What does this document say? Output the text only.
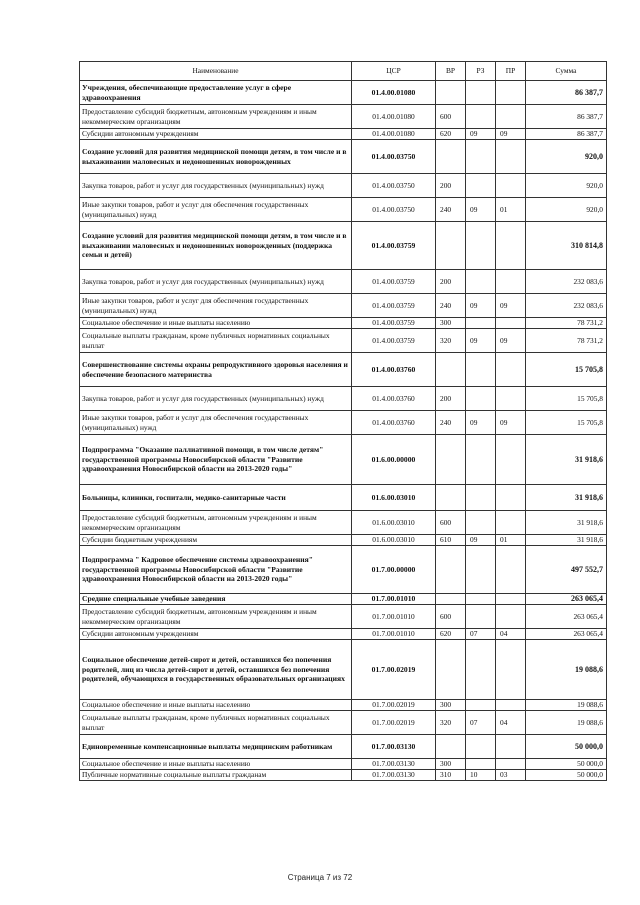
Наименование	ЦСР	ВР	РЗ	ПР	Сумма
Учреждения, обеспечивающие предоставление услуг в сфере здравоохранения	01.4.00.01080				86 387,7
Предоставление субсидий бюджетным, автономным учреждениям и иным некоммерческим организациям	01.4.00.01080	600			86 387,7
Субсидии автономным учреждениям	01.4.00.01080	620	09	09	86 387,7
Создание условий для развития медицинской помощи детям, в том числе и в выхаживании маловесных и недоношенных новорожденных	01.4.00.03750				920,0
Закупка товаров, работ и услуг для государственных (муниципальных) нужд	01.4.00.03750	200			920,0
Иные закупки товаров, работ и услуг для обеспечения государственных (муниципальных) нужд	01.4.00.03750	240	09	01	920,0
Создание условий для развития медицинской помощи детям, в том числе и в выхаживании маловесных и недоношенных новорожденных (поддержка семьи и детей)	01.4.00.03759				310 814,8
Закупка товаров, работ и услуг для государственных (муниципальных) нужд	01.4.00.03759	200			232 083,6
Иные закупки товаров, работ и услуг для обеспечения государственных (муниципальных) нужд	01.4.00.03759	240	09	09	232 083,6
Социальное обеспечение и иные выплаты населению	01.4.00.03759	300			78 731,2
Социальные выплаты гражданам, кроме публичных нормативных социальных выплат	01.4.00.03759	320	09	09	78 731,2
Совершенствование системы охраны репродуктивного здоровья населения и обеспечение безопасного материнства	01.4.00.03760				15 705,8
Закупка товаров, работ и услуг для государственных (муниципальных) нужд	01.4.00.03760	200			15 705,8
Иные закупки товаров, работ и услуг для обеспечения государственных (муниципальных) нужд	01.4.00.03760	240	09	09	15 705,8
Подпрограмма "Оказание паллиативной помощи, в том числе детям" государственной программы Новосибирской области "Развитие здравоохранения Новосибирской области на 2013-2020 годы"	01.6.00.00000				31 918,6
Больницы, клиники, госпитали, медико-санитарные части	01.6.00.03010				31 918,6
Предоставление субсидий бюджетным, автономным учреждениям и иным некоммерческим организациям	01.6.00.03010	600			31 918,6
Субсидии бюджетным учреждениям	01.6.00.03010	610	09	01	31 918,6
Подпрограмма " Кадровое обеспечение системы здравоохранения" государственной программы Новосибирской области "Развитие здравоохранения Новосибирской области на 2013-2020 годы"	01.7.00.00000				497 552,7
Средние специальные учебные заведения	01.7.00.01010				263 065,4
Предоставление субсидий бюджетным, автономным учреждениям и иным некоммерческим организациям	01.7.00.01010	600			263 065,4
Субсидии автономным учреждениям	01.7.00.01010	620	07	04	263 065,4
Социальное обеспечение детей-сирот и детей, оставшихся без попечения родителей, лиц из числа детей-сирот и детей, оставшихся без попечения родителей, обучающихся в государственных образовательных организациях	01.7.00.02019				19 088,6
Социальное обеспечение и иные выплаты населению	01.7.00.02019	300			19 088,6
Социальные выплаты гражданам, кроме публичных нормативных социальных выплат	01.7.00.02019	320	07	04	19 088,6
Единовременные компенсационные выплаты медицинским работникам	01.7.00.03130				50 000,0
Социальное обеспечение и иные выплаты населению	01.7.00.03130	300			50 000,0
Публичные нормативные социальные выплаты гражданам	01.7.00.03130	310	10	03	50 000,0
Страница 7 из 72
